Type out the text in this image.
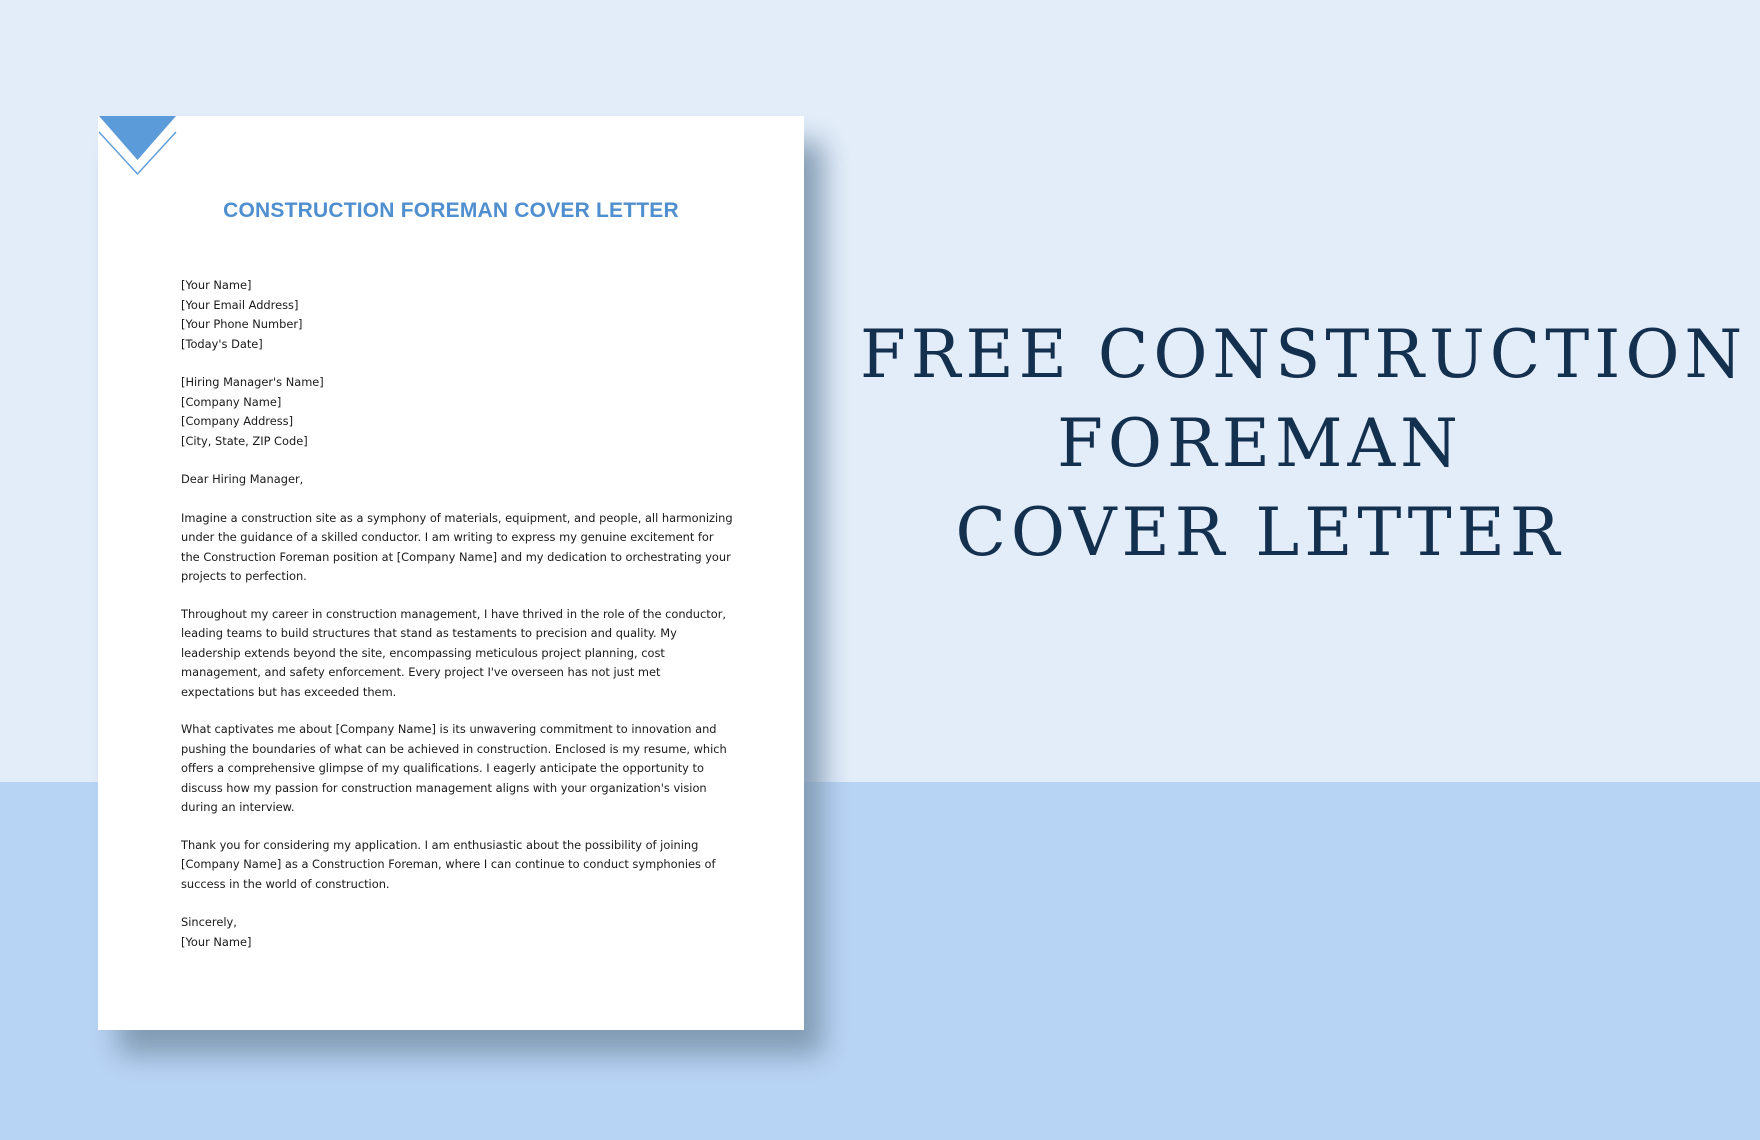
CONSTRUCTION FOREMAN COVER LETTER
[Your Name]
[Your Email Address]
[Your Phone Number]
[Today's Date]
[Hiring Manager's Name]
[Company Name]
[Company Address]
[City, State, ZIP Code]
Dear Hiring Manager,
Imagine a construction site as a symphony of materials, equipment, and people, all harmonizing
under the guidance of a skilled conductor. I am writing to express my genuine excitement for
the Construction Foreman position at [Company Name] and my dedication to orchestrating your
projects to perfection.
Throughout my career in construction management, I have thrived in the role of the conductor,
leading teams to build structures that stand as testaments to precision and quality. My
leadership extends beyond the site, encompassing meticulous project planning, cost
management, and safety enforcement. Every project I've overseen has not just met
expectations but has exceeded them.
What captivates me about [Company Name] is its unwavering commitment to innovation and
pushing the boundaries of what can be achieved in construction. Enclosed is my resume, which
offers a comprehensive glimpse of my qualifications. I eagerly anticipate the opportunity to
discuss how my passion for construction management aligns with your organization's vision
during an interview.
Thank you for considering my application. I am enthusiastic about the possibility of joining
[Company Name] as a Construction Foreman, where I can continue to conduct symphonies of
success in the world of construction.
Sincerely,
[Your Name]
FREE CONSTRUCTION
FOREMAN
COVER LETTER
